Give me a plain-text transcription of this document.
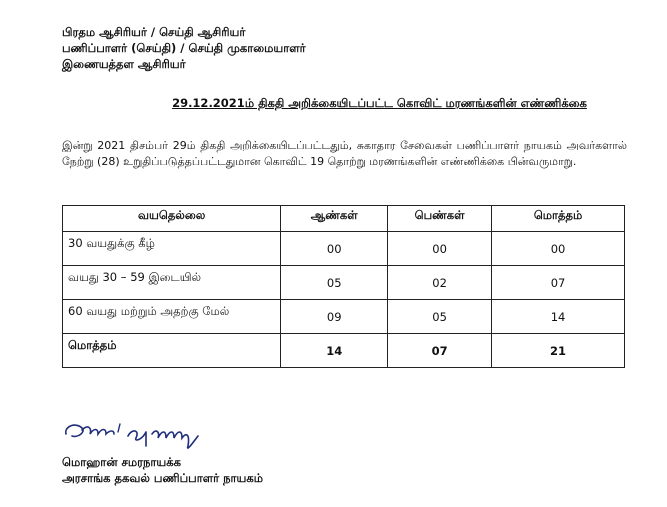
பிரதம ஆசிரியர் / செய்தி ஆசிரியர்
பணிப்பாளர் (செய்தி) / செய்தி முகாமையாளர்
இணையத்தள ஆசிரியர்
29.12.2021ம் திகதி அறிக்கையிடப்பட்ட கொவிட் மரணங்களின் எண்ணிக்கை
இன்று 2021 திசம்பர் 29ம் திகதி அறிக்கையிடப்பட்டதும், சுகாதார சேவைகள் பணிப்பாளர் நாயகம் அவர்களால் நேற்று (28) உறுதிப்படுத்தப்பட்டதுமான கொவிட் 19 தொற்று மரணங்களின் எண்ணிக்கை பின்வருமாறு.
வயதெல்லை	ஆண்கள்	பெண்கள்	மொத்தம்
30 வயதுக்கு கீழ்	00	00	00
வயது 30 – 59 இடையில்	05	02	07
60 வயது மற்றும் அதற்கு மேல்	09	05	14
மொத்தம்	14	07	21
மொஹான் சமரநாயக்க
அரசாங்க தகவல் பணிப்பாளர் நாயகம்
